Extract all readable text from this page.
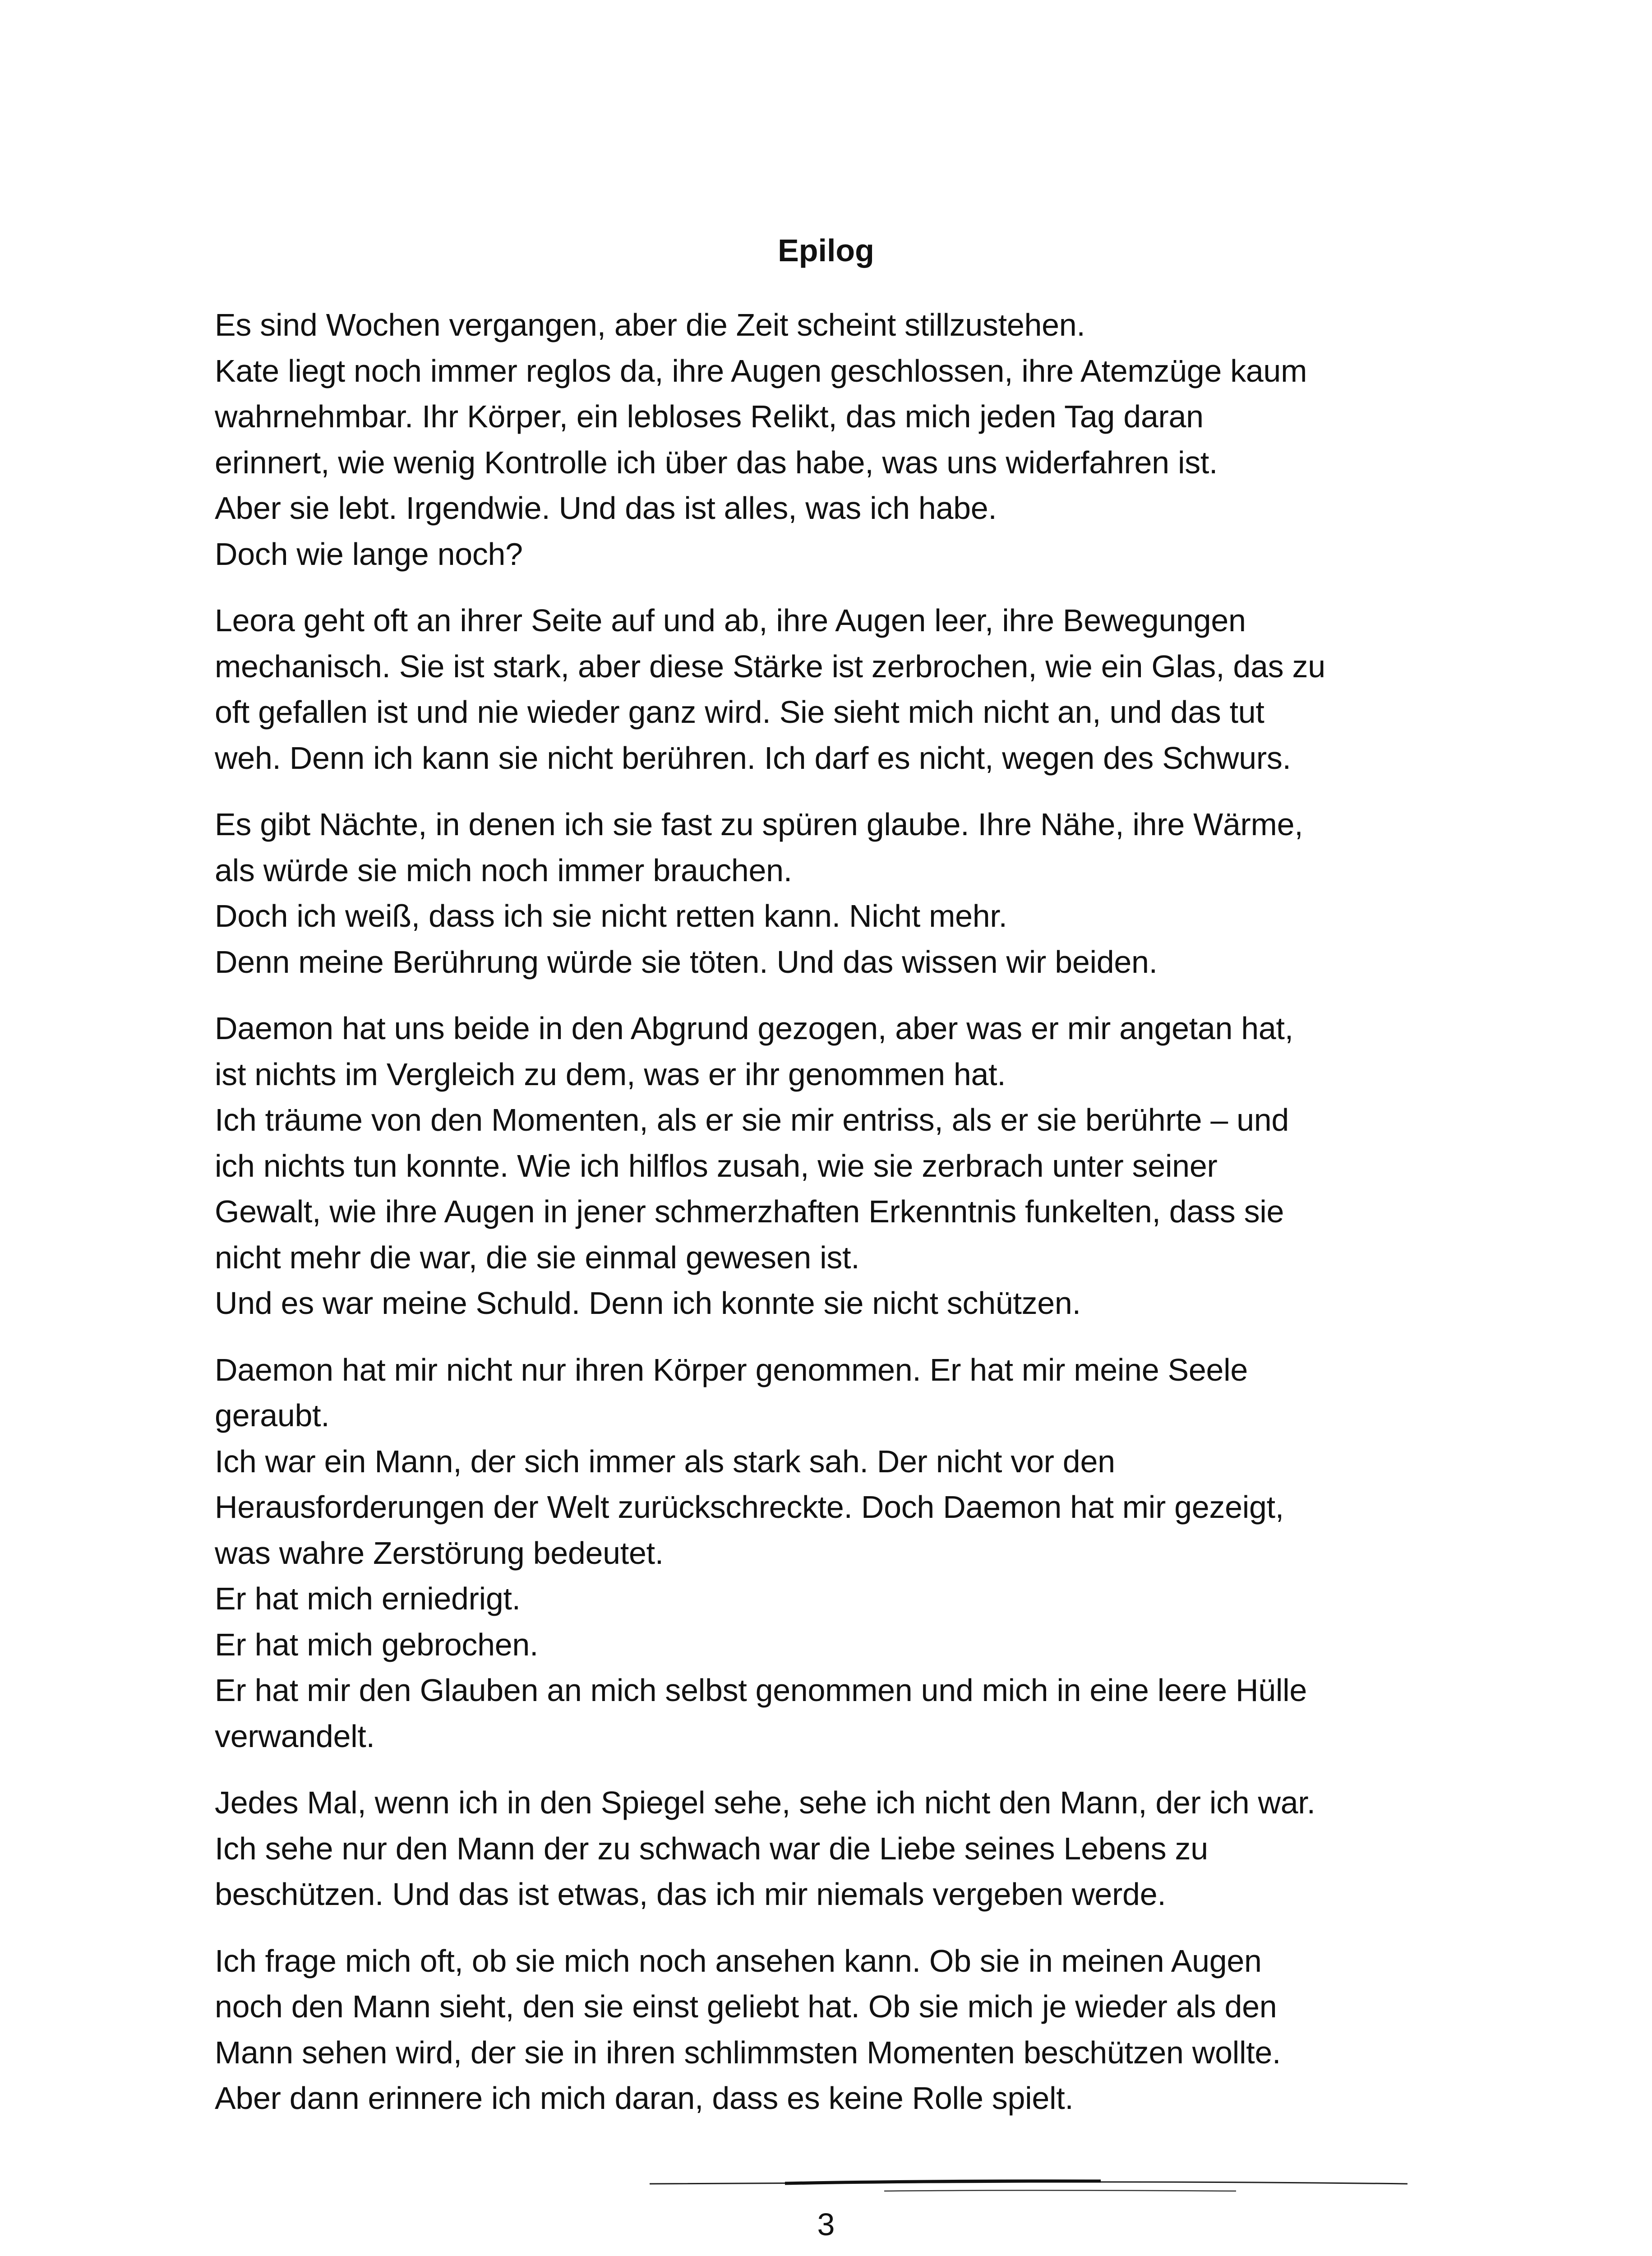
Epilog
Es sind Wochen vergangen, aber die Zeit scheint stillzustehen.
Kate liegt noch immer reglos da, ihre Augen geschlossen, ihre Atemzüge kaum
wahrnehmbar. Ihr Körper, ein lebloses Relikt, das mich jeden Tag daran
erinnert, wie wenig Kontrolle ich über das habe, was uns widerfahren ist.
Aber sie lebt. Irgendwie. Und das ist alles, was ich habe.
Doch wie lange noch?
Leora geht oft an ihrer Seite auf und ab, ihre Augen leer, ihre Bewegungen
mechanisch. Sie ist stark, aber diese Stärke ist zerbrochen, wie ein Glas, das zu
oft gefallen ist und nie wieder ganz wird. Sie sieht mich nicht an, und das tut
weh. Denn ich kann sie nicht berühren. Ich darf es nicht, wegen des Schwurs.
Es gibt Nächte, in denen ich sie fast zu spüren glaube. Ihre Nähe, ihre Wärme,
als würde sie mich noch immer brauchen.
Doch ich weiß, dass ich sie nicht retten kann. Nicht mehr.
Denn meine Berührung würde sie töten. Und das wissen wir beiden.
Daemon hat uns beide in den Abgrund gezogen, aber was er mir angetan hat,
ist nichts im Vergleich zu dem, was er ihr genommen hat.
Ich träume von den Momenten, als er sie mir entriss, als er sie berührte – und
ich nichts tun konnte. Wie ich hilflos zusah, wie sie zerbrach unter seiner
Gewalt, wie ihre Augen in jener schmerzhaften Erkenntnis funkelten, dass sie
nicht mehr die war, die sie einmal gewesen ist.
Und es war meine Schuld. Denn ich konnte sie nicht schützen.
Daemon hat mir nicht nur ihren Körper genommen. Er hat mir meine Seele
geraubt.
Ich war ein Mann, der sich immer als stark sah. Der nicht vor den
Herausforderungen der Welt zurückschreckte. Doch Daemon hat mir gezeigt,
was wahre Zerstörung bedeutet.
Er hat mich erniedrigt.
Er hat mich gebrochen.
Er hat mir den Glauben an mich selbst genommen und mich in eine leere Hülle
verwandelt.
Jedes Mal, wenn ich in den Spiegel sehe, sehe ich nicht den Mann, der ich war.
Ich sehe nur den Mann der zu schwach war die Liebe seines Lebens zu
beschützen. Und das ist etwas, das ich mir niemals vergeben werde.
Ich frage mich oft, ob sie mich noch ansehen kann. Ob sie in meinen Augen
noch den Mann sieht, den sie einst geliebt hat. Ob sie mich je wieder als den
Mann sehen wird, der sie in ihren schlimmsten Momenten beschützen wollte.
Aber dann erinnere ich mich daran, dass es keine Rolle spielt.
3
